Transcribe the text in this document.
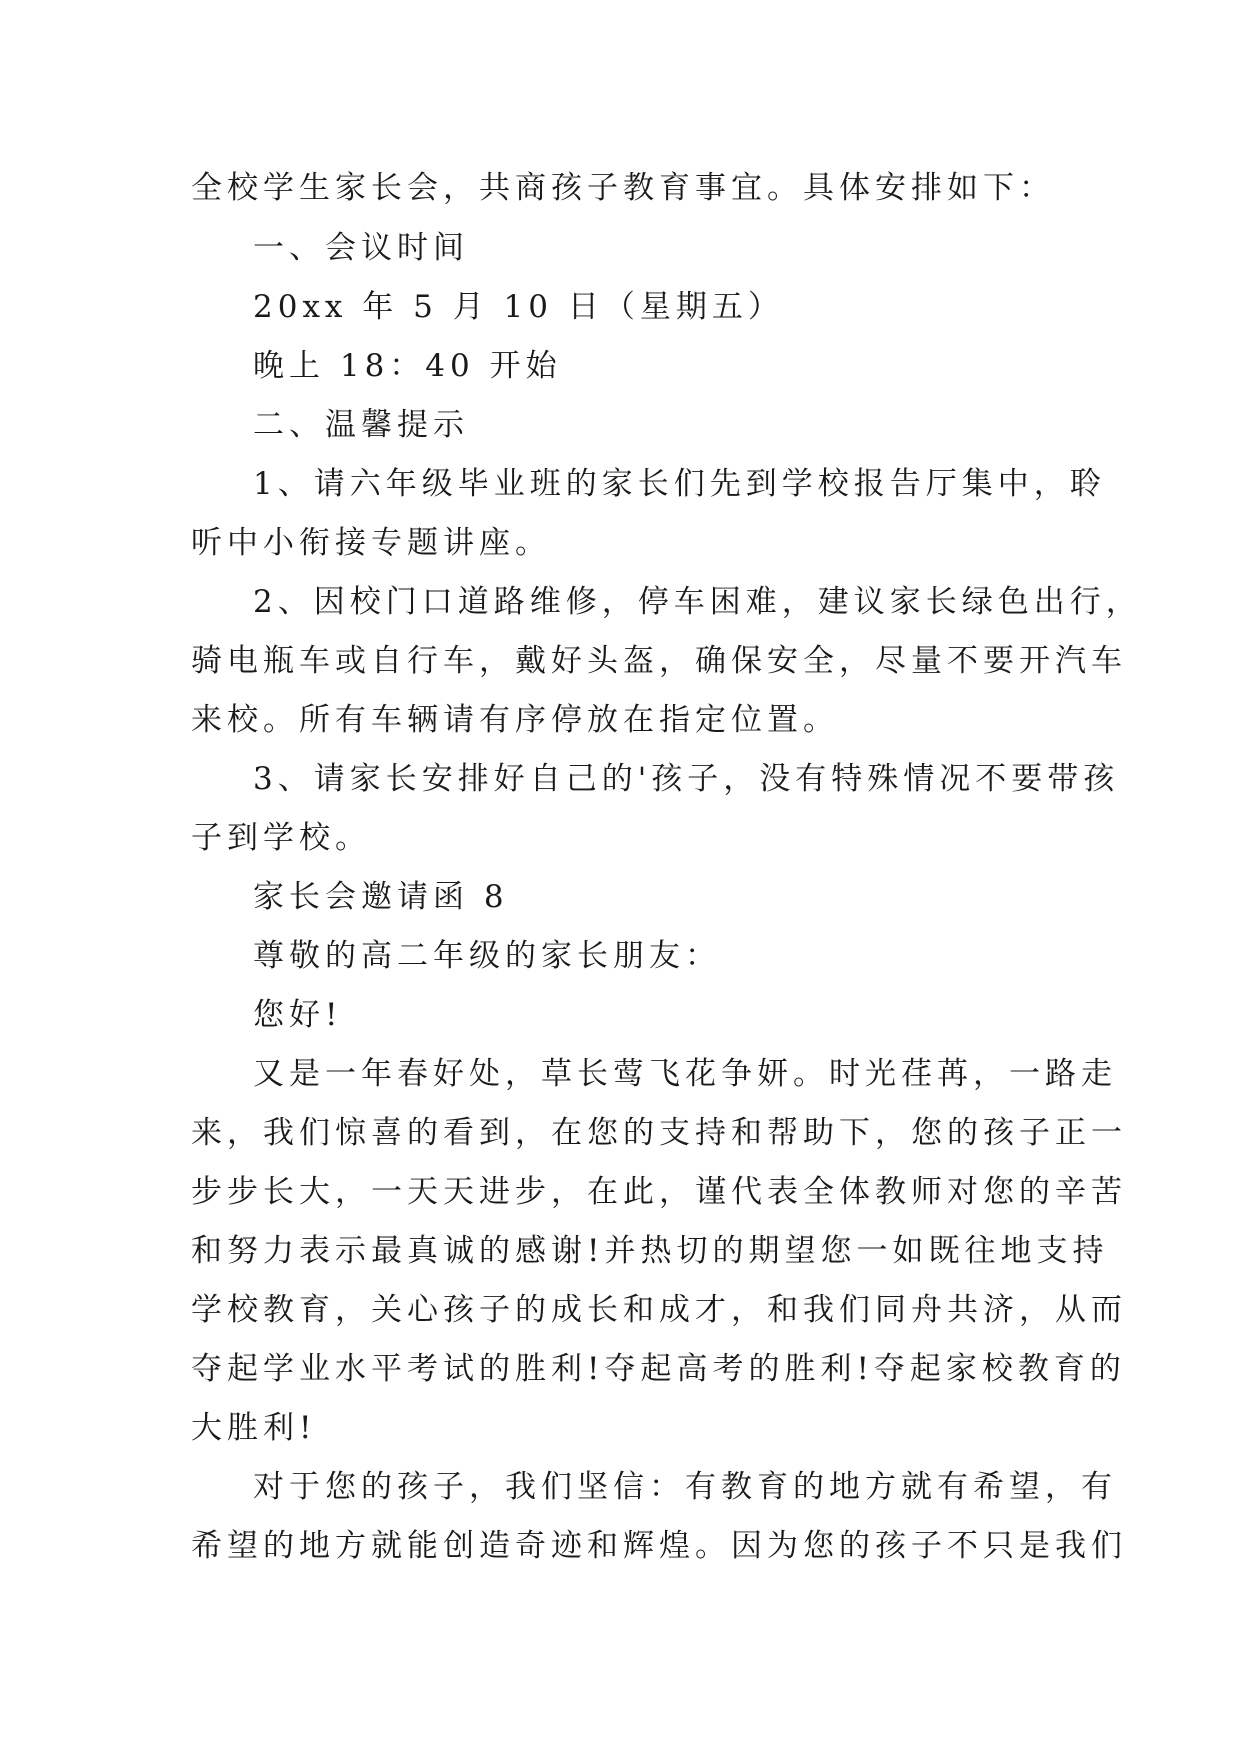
全校学生家长会，共商孩子教育事宜。具体安排如下：
一、会议时间
20xx 年 5 月 10 日（星期五）
晚上 18：40 开始
二、温馨提示
1、请六年级毕业班的家长们先到学校报告厅集中，聆
听中小衔接专题讲座。
2、因校门口道路维修，停车困难，建议家长绿色出行，
骑电瓶车或自行车，戴好头盔，确保安全，尽量不要开汽车
来校。所有车辆请有序停放在指定位置。
3、请家长安排好自己的'孩子，没有特殊情况不要带孩
子到学校。
家长会邀请函 8
尊敬的高二年级的家长朋友：
您好!
又是一年春好处，草长莺飞花争妍。时光荏苒，一路走
来，我们惊喜的看到，在您的支持和帮助下，您的孩子正一
步步长大，一天天进步，在此，谨代表全体教师对您的辛苦
和努力表示最真诚的感谢!并热切的期望您一如既往地支持
学校教育，关心孩子的成长和成才，和我们同舟共济，从而
夺起学业水平考试的胜利!夺起高考的胜利!夺起家校教育的
大胜利!
对于您的孩子，我们坚信：有教育的地方就有希望，有
希望的地方就能创造奇迹和辉煌。因为您的孩子不只是我们
